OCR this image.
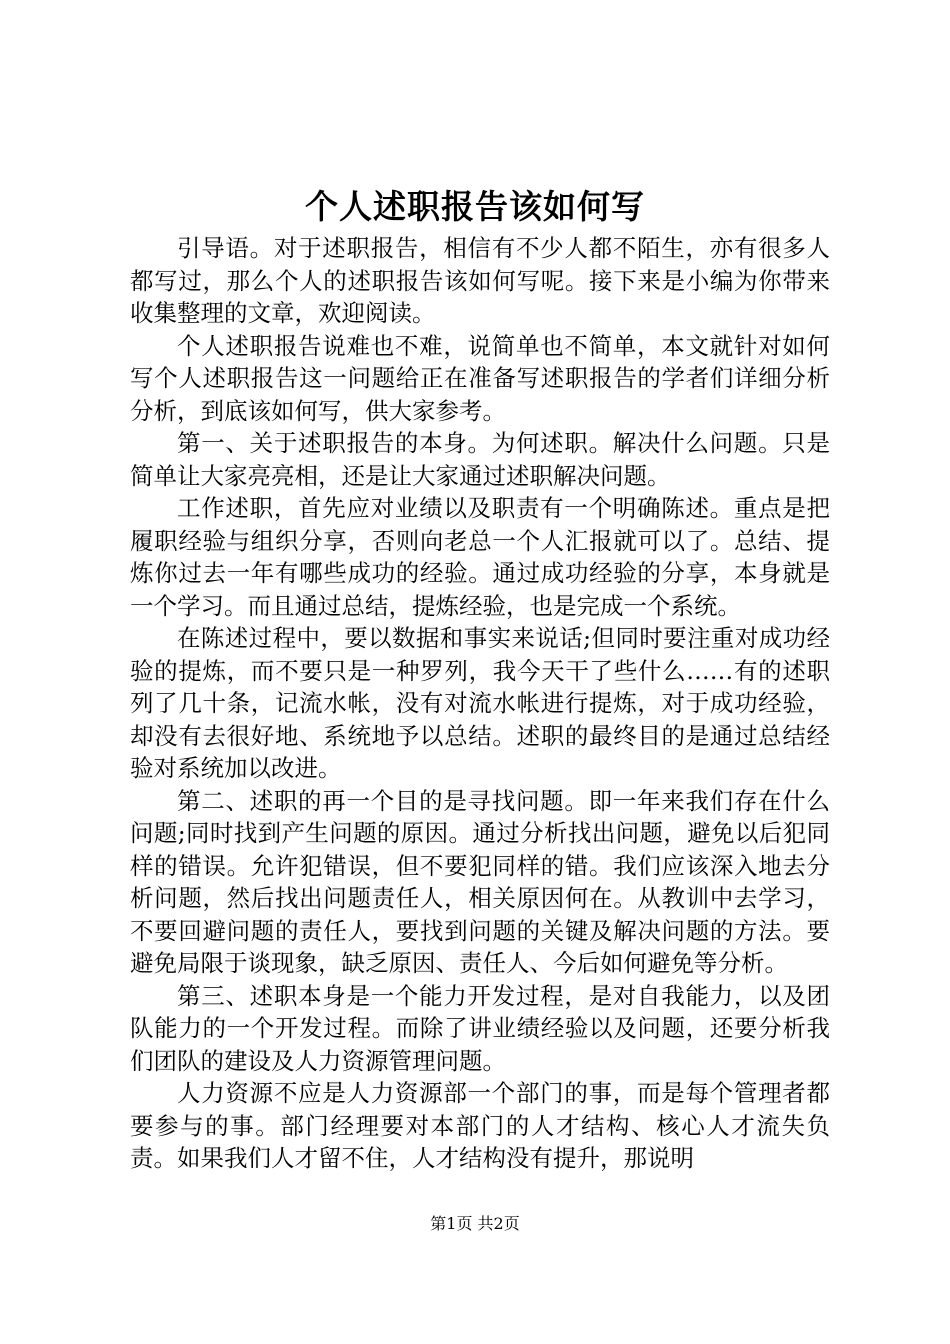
个人述职报告该如何写

引导语。对于述职报告，相信有不少人都不陌生，亦有很多人都写过，那么个人的述职报告该如何写呢。接下来是小编为你带来收集整理的文章，欢迎阅读。

个人述职报告说难也不难，说简单也不简单，本文就针对如何写个人述职报告这一问题给正在准备写述职报告的学者们详细分析分析，到底该如何写，供大家参考。

第一、关于述职报告的本身。为何述职。解决什么问题。只是简单让大家亮亮相，还是让大家通过述职解决问题。

工作述职，首先应对业绩以及职责有一个明确陈述。重点是把履职经验与组织分享，否则向老总一个人汇报就可以了。总结、提炼你过去一年有哪些成功的经验。通过成功经验的分享，本身就是一个学习。而且通过总结，提炼经验，也是完成一个系统。

在陈述过程中，要以数据和事实来说话;但同时要注重对成功经验的提炼，而不要只是一种罗列，我今天干了些什么……有的述职列了几十条，记流水帐，没有对流水帐进行提炼，对于成功经验，却没有去很好地、系统地予以总结。述职的最终目的是通过总结经验对系统加以改进。

第二、述职的再一个目的是寻找问题。即一年来我们存在什么问题;同时找到产生问题的原因。通过分析找出问题，避免以后犯同样的错误。允许犯错误，但不要犯同样的错。我们应该深入地去分析问题，然后找出问题责任人，相关原因何在。从教训中去学习，不要回避问题的责任人，要找到问题的关键及解决问题的方法。要避免局限于谈现象，缺乏原因、责任人、今后如何避免等分析。

第三、述职本身是一个能力开发过程，是对自我能力，以及团队能力的一个开发过程。而除了讲业绩经验以及问题，还要分析我们团队的建设及人力资源管理问题。

人力资源不应是人力资源部一个部门的事，而是每个管理者都要参与的事。部门经理要对本部门的人才结构、核心人才流失负责。如果我们人才留不住，人才结构没有提升，那说明

第1页 共2页
